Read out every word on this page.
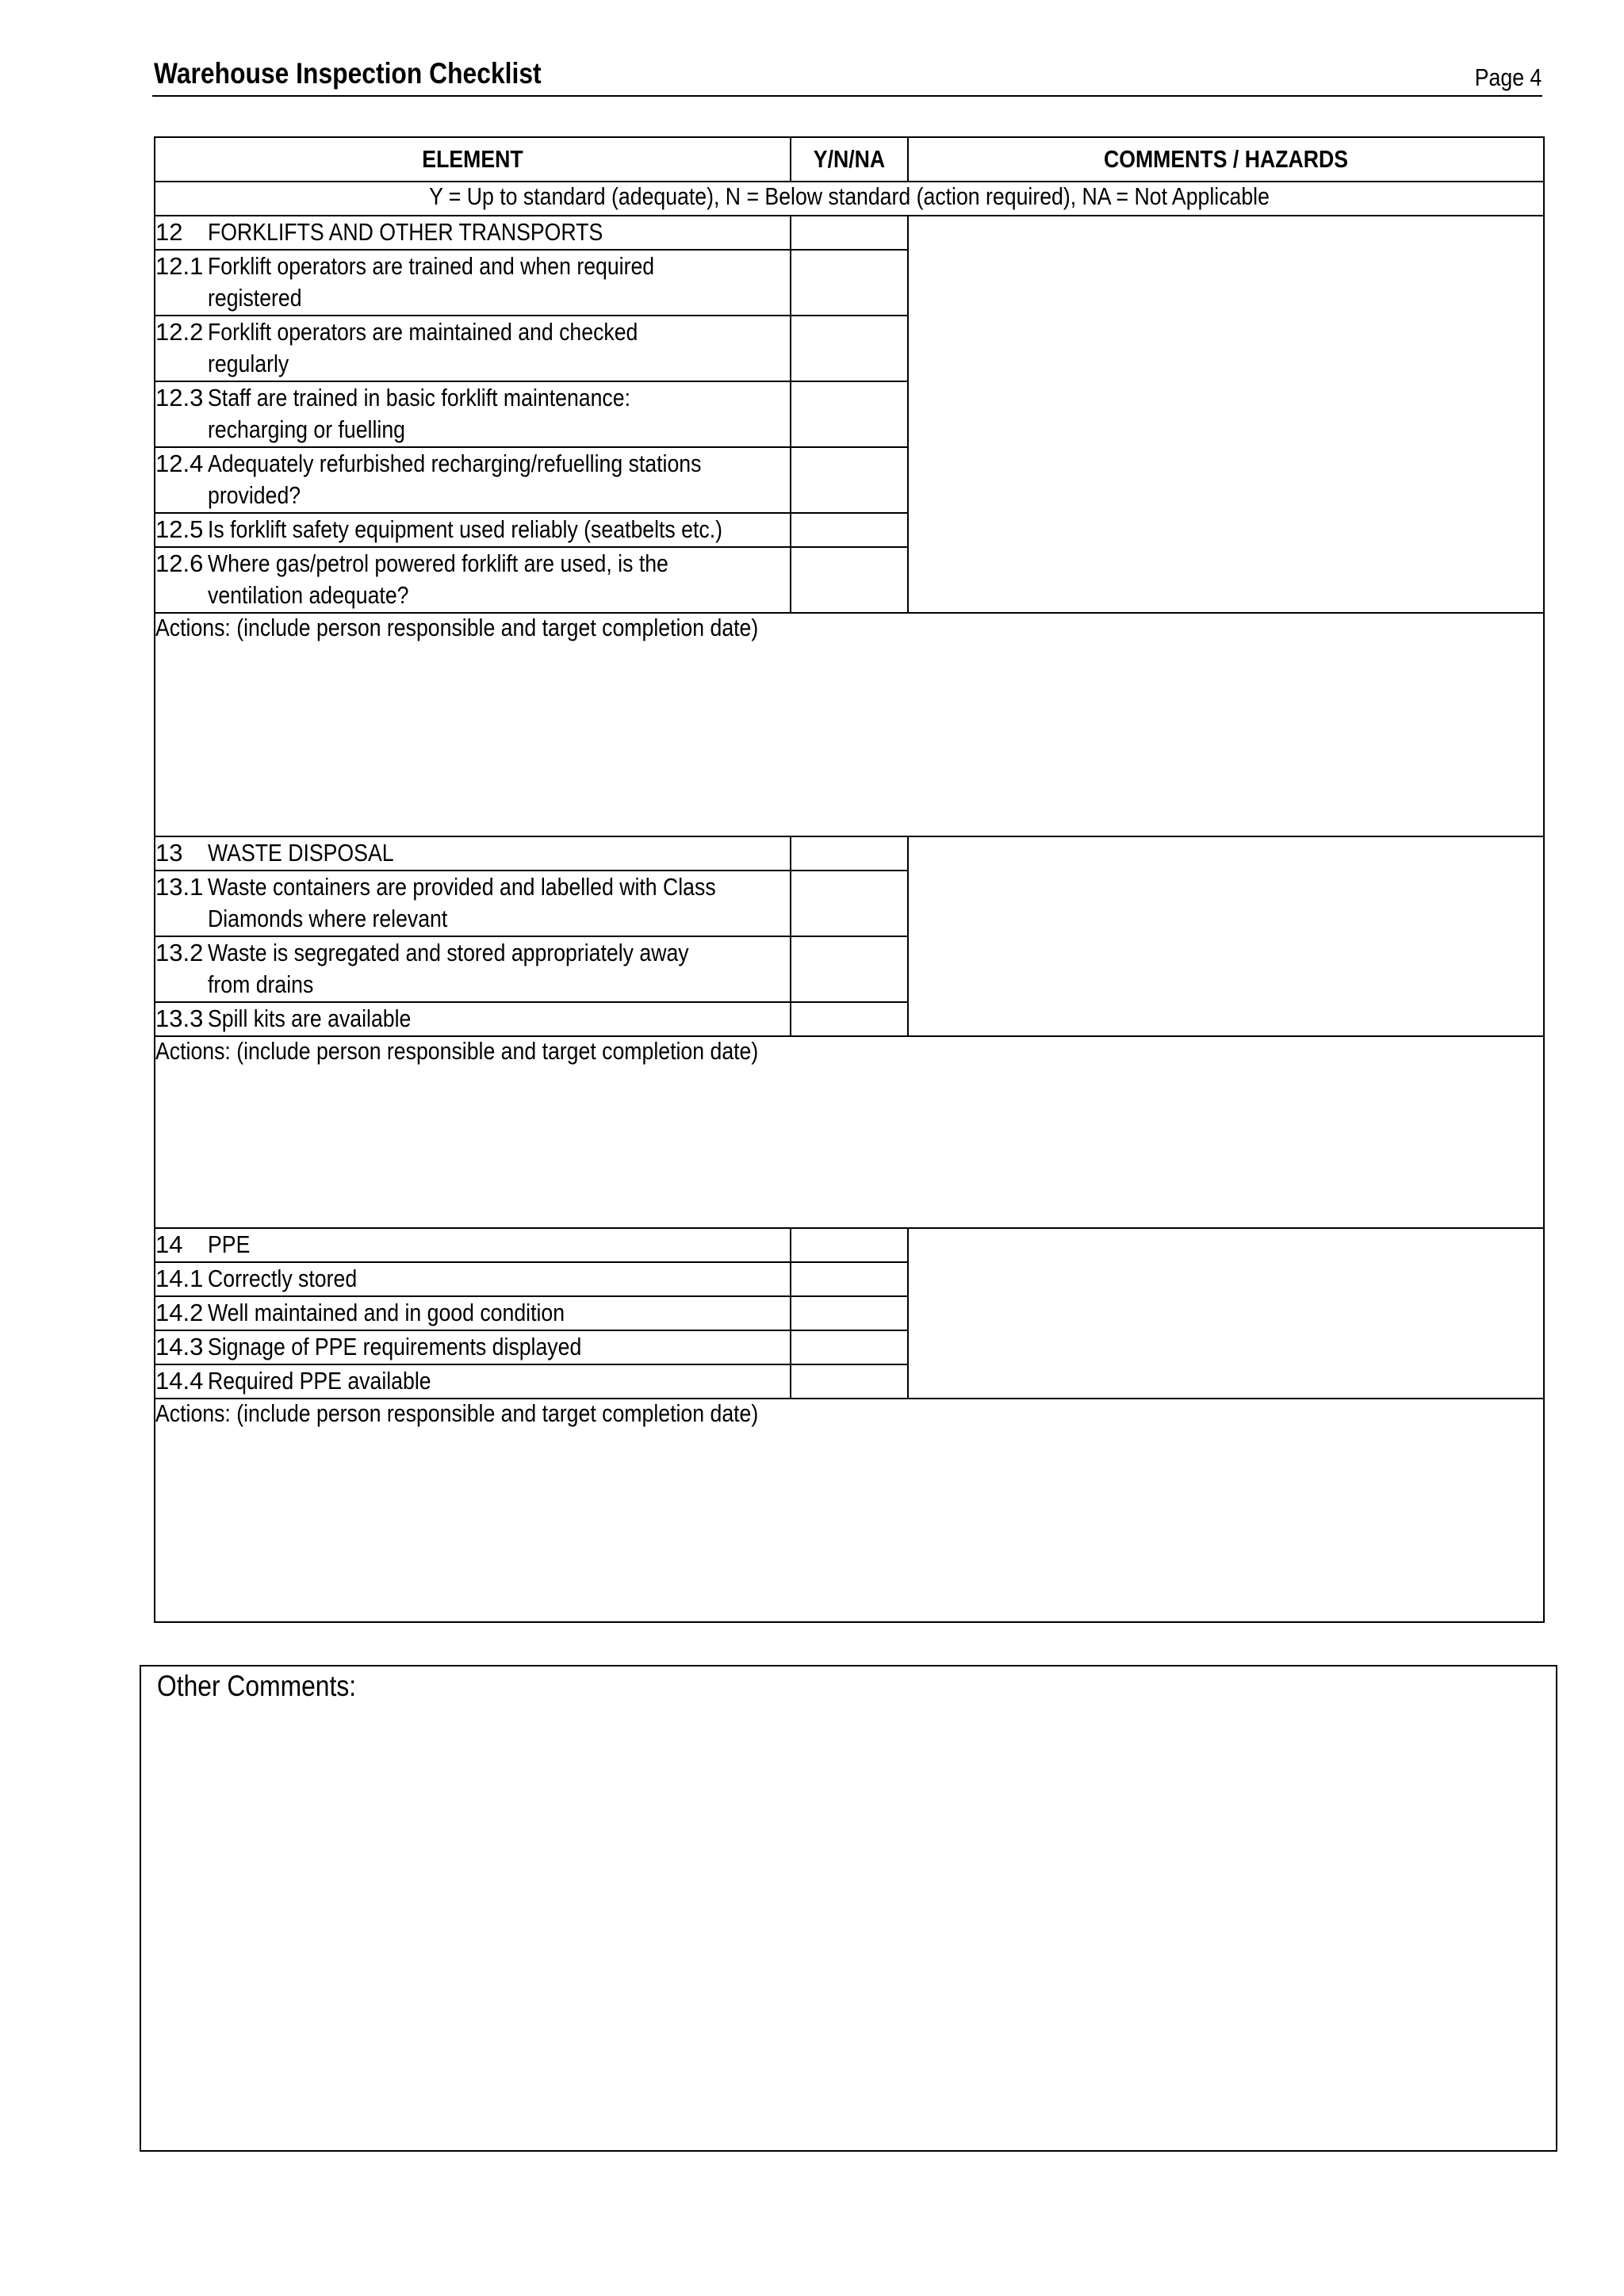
Warehouse Inspection Checklist	Page 4
ELEMENT	Y/N/NA	COMMENTS / HAZARDS

Y = Up to standard (adequate), N = Below standard (action required), NA = Not Applicable		

12 FORKLIFTS AND OTHER TRANSPORTS		

12.1 Forklift operators are trained and when required
registered		

12.2 Forklift operators are maintained and checked
regularly		

12.3 Staff are trained in basic forklift maintenance:
recharging or fuelling		

12.4 Adequately refurbished recharging/refuelling stations
provided?		

12.5 Is forklift safety equipment used reliably (seatbelts etc.)		

12.6 Where gas/petrol powered forklift are used, is the
ventilation adequate?		

Actions: (include person responsible and target completion date)		

13 WASTE DISPOSAL		

13.1 Waste containers are provided and labelled with Class
Diamonds where relevant		

13.2 Waste is segregated and stored appropriately away
from drains		

13.3 Spill kits are available		

Actions: (include person responsible and target completion date)		

14 PPE		

14.1 Correctly stored		

14.2 Well maintained and in good condition		

14.3 Signage of PPE requirements displayed		

14.4 Required PPE available		

Actions: (include person responsible and target completion date)		
Other Comments:
